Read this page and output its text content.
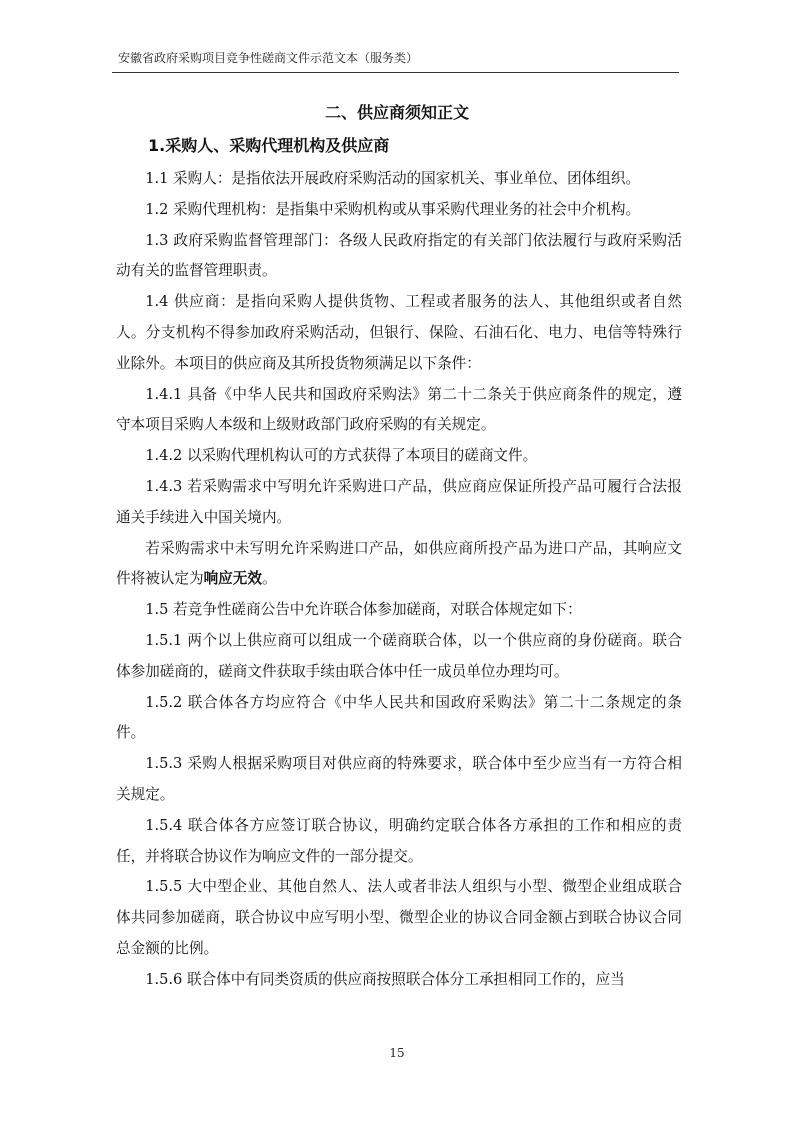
安徽省政府采购项目竞争性磋商文件示范文本（服务类）
二、供应商须知正文
1.采购人、采购代理机构及供应商

1.1 采购人：是指依法开展政府采购活动的国家机关、事业单位、团体组织。

1.2 采购代理机构：是指集中采购机构或从事采购代理业务的社会中介机构。

1.3 政府采购监督管理部门：各级人民政府指定的有关部门依法履行与政府采购活动有关的监督管理职责。

1.4 供应商：是指向采购人提供货物、工程或者服务的法人、其他组织或者自然人。分支机构不得参加政府采购活动，但银行、保险、石油石化、电力、电信等特殊行业除外。本项目的供应商及其所投货物须满足以下条件：

1.4.1 具备《中华人民共和国政府采购法》第二十二条关于供应商条件的规定，遵守本项目采购人本级和上级财政部门政府采购的有关规定。

1.4.2 以采购代理机构认可的方式获得了本项目的磋商文件。

1.4.3 若采购需求中写明允许采购进口产品，供应商应保证所投产品可履行合法报通关手续进入中国关境内。

若采购需求中未写明允许采购进口产品，如供应商所投产品为进口产品，其响应文件将被认定为响应无效。

1.5 若竞争性磋商公告中允许联合体参加磋商，对联合体规定如下：

1.5.1 两个以上供应商可以组成一个磋商联合体，以一个供应商的身份磋商。联合体参加磋商的，磋商文件获取手续由联合体中任一成员单位办理均可。

1.5.2 联合体各方均应符合《中华人民共和国政府采购法》第二十二条规定的条件。

1.5.3 采购人根据采购项目对供应商的特殊要求，联合体中至少应当有一方符合相关规定。

1.5.4 联合体各方应签订联合协议，明确约定联合体各方承担的工作和相应的责任，并将联合协议作为响应文件的一部分提交。

1.5.5 大中型企业、其他自然人、法人或者非法人组织与小型、微型企业组成联合体共同参加磋商，联合协议中应写明小型、微型企业的协议合同金额占到联合协议合同总金额的比例。

1.5.6 联合体中有同类资质的供应商按照联合体分工承担相同工作的，应当

15
